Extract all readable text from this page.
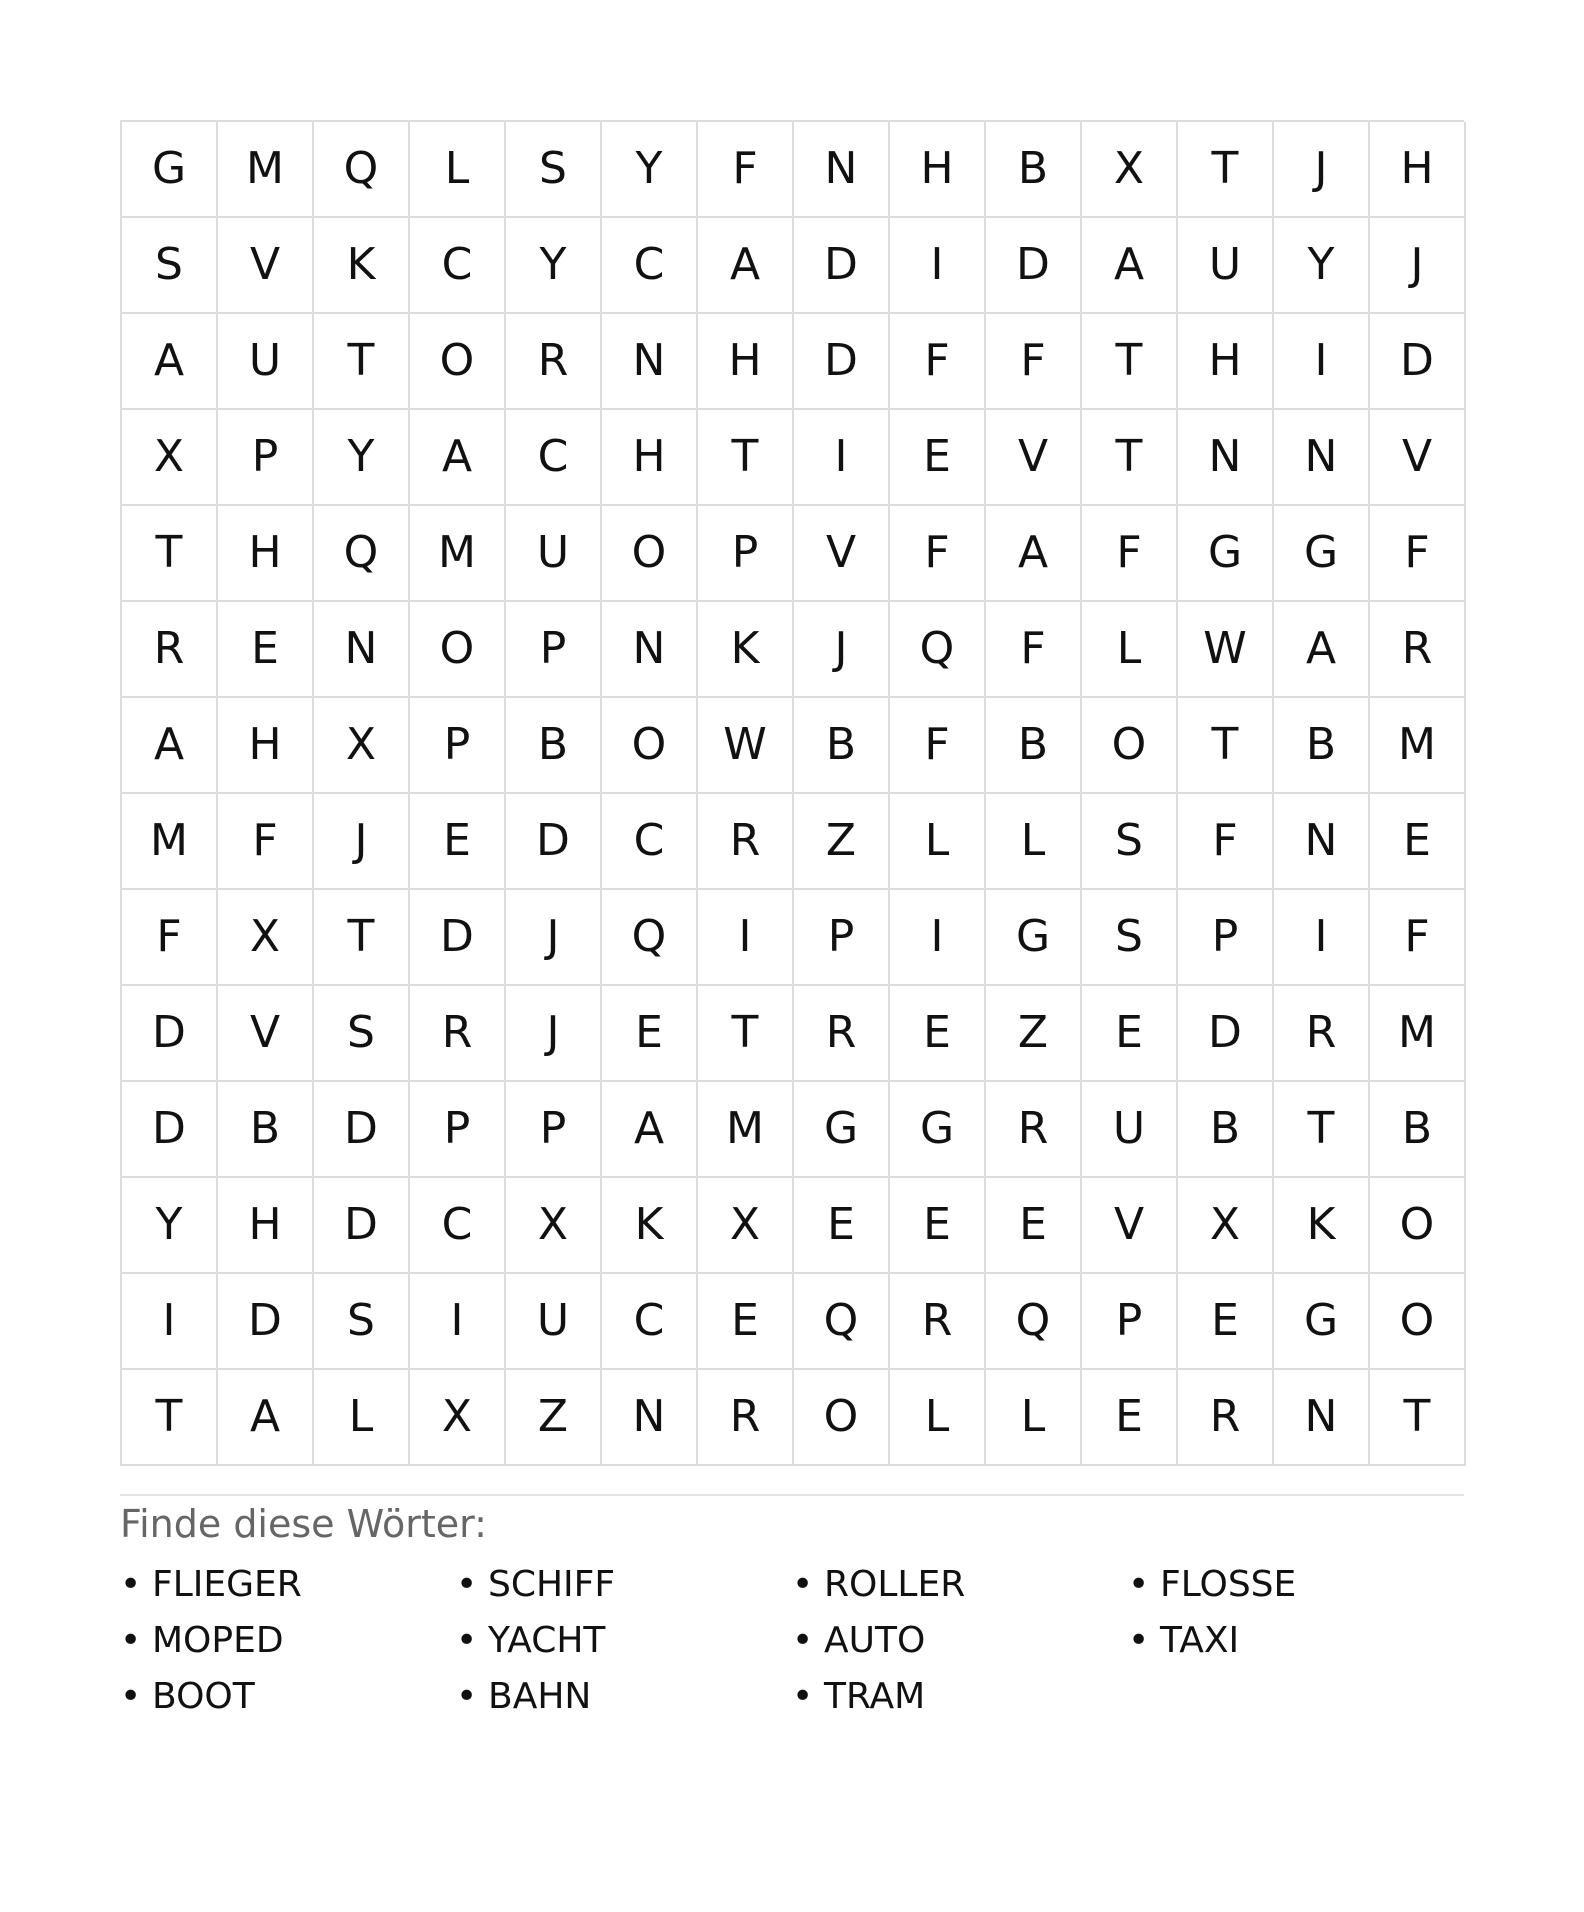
G	M	Q	L	S	Y	F	N	H	B	X	T	J	H
S	V	K	C	Y	C	A	D	I	D	A	U	Y	J
A	U	T	O	R	N	H	D	F	F	T	H	I	D
X	P	Y	A	C	H	T	I	E	V	T	N	N	V
T	H	Q	M	U	O	P	V	F	A	F	G	G	F
R	E	N	O	P	N	K	J	Q	F	L	W	A	R
A	H	X	P	B	O	W	B	F	B	O	T	B	M
M	F	J	E	D	C	R	Z	L	L	S	F	N	E
F	X	T	D	J	Q	I	P	I	G	S	P	I	F
D	V	S	R	J	E	T	R	E	Z	E	D	R	M
D	B	D	P	P	A	M	G	G	R	U	B	T	B
Y	H	D	C	X	K	X	E	E	E	V	X	K	O
I	D	S	I	U	C	E	Q	R	Q	P	E	G	O
T	A	L	X	Z	N	R	O	L	L	E	R	N	T
Finde diese Wörter:
• FLIEGER	• SCHIFF	• ROLLER	• FLOSSE
• MOPED	• YACHT	• AUTO	• TAXI
• BOOT	• BAHN	• TRAM
